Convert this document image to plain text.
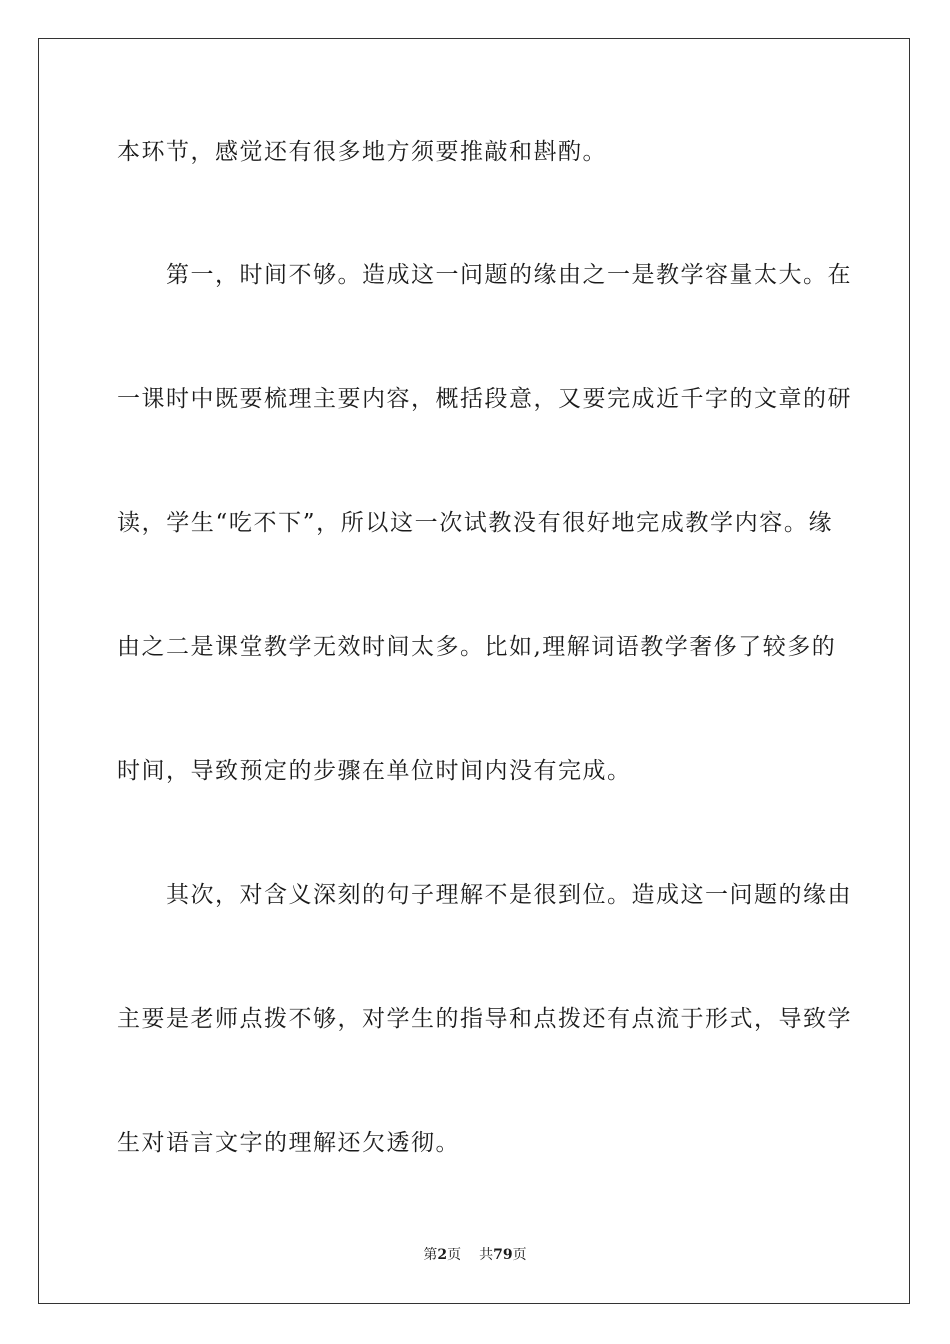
本环节，感觉还有很多地方须要推敲和斟酌。
　　第一，时间不够。造成这一问题的缘由之一是教学容量太大。在
一课时中既要梳理主要内容，概括段意，又要完成近千字的文章的研
读，学生“吃不下”，所以这一次试教没有很好地完成教学内容。缘
由之二是课堂教学无效时间太多。比如,理解词语教学奢侈了较多的
时间，导致预定的步骤在单位时间内没有完成。
　　其次，对含义深刻的句子理解不是很到位。造成这一问题的缘由
主要是老师点拨不够，对学生的指导和点拨还有点流于形式，导致学
生对语言文字的理解还欠透彻。
第2页 共79页
